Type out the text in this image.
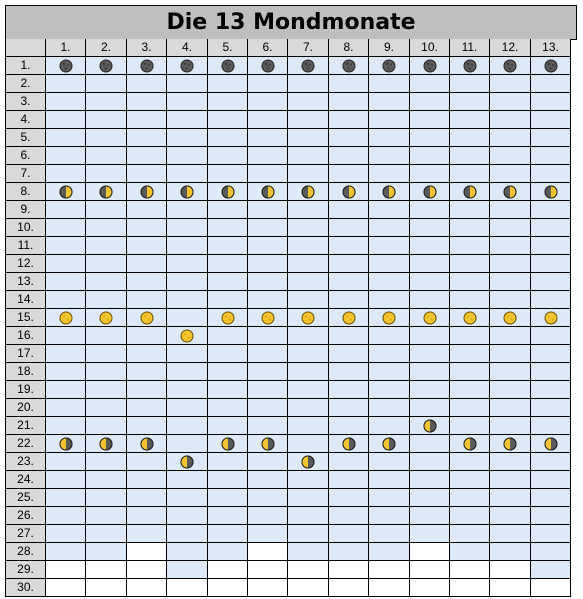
Die 13 Mondmonate
1.	2.	3.	4.	5.	6.	7.	8.	9.	10.	11.	12.	13.
1.
2.
3.
4.
5.
6.
7.
8.
9.
10.
11.
12.
13.
14.
15.
16.
17.
18.
19.
20.
21.
22.
23.
24.
25.
26.
27.
28.
29.
30.
